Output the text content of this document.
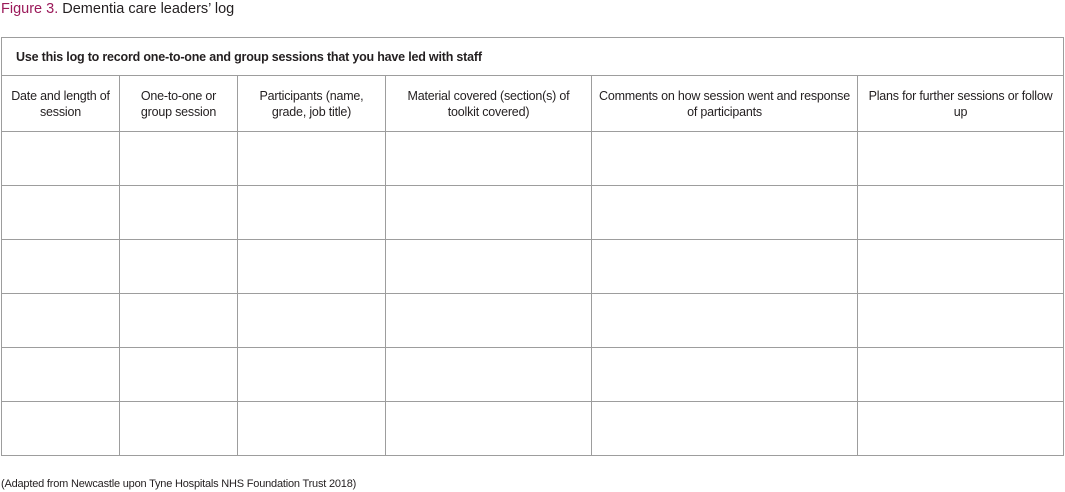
Figure 3. Dementia care leaders’ log
Use this log to record one-to-one and group sessions that you have led with staff					
Date and length of session	One-to-one or group session	Participants (name, grade, job title)	Material covered (section(s) of toolkit covered)	Comments on how session went and response of participants	Plans for further sessions or follow up

(Adapted from Newcastle upon Tyne Hospitals NHS Foundation Trust 2018)
